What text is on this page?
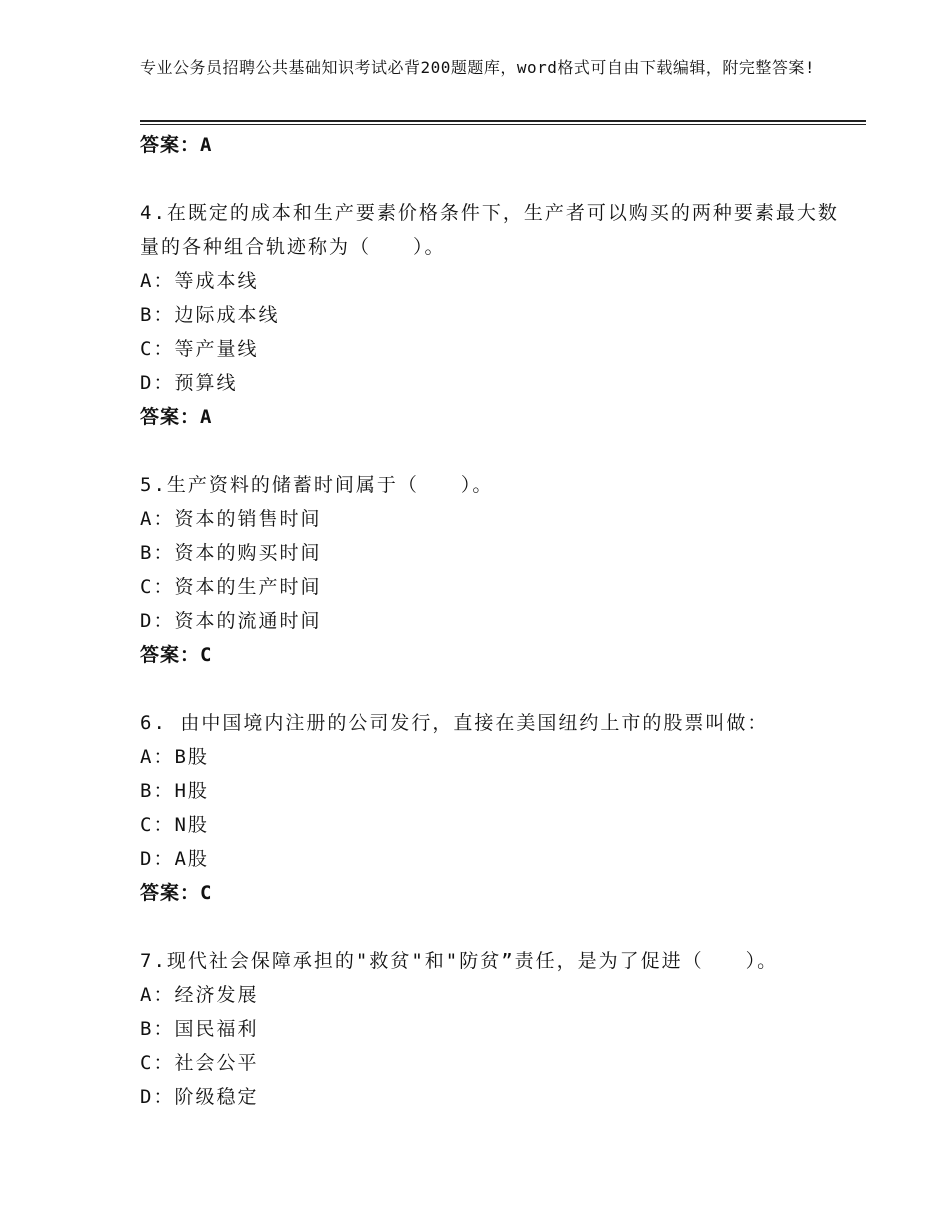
专业公务员招聘公共基础知识考试必背200题题库，word格式可自由下载编辑，附完整答案!
答案：A
4.在既定的成本和生产要素价格条件下，生产者可以购买的两种要素最大数量的各种组合轨迹称为（　　）。
A：等成本线
B：边际成本线
C：等产量线
D：预算线
答案：A
5.生产资料的储蓄时间属于（　　）。
A：资本的销售时间
B：资本的购买时间
C：资本的生产时间
D：资本的流通时间
答案：C
6. 由中国境内注册的公司发行，直接在美国纽约上市的股票叫做：
A：B股
B：H股
C：N股
D：A股
答案：C
7.现代社会保障承担的"救贫"和"防贫”责任，是为了促进（　　）。
A：经济发展
B：国民福利
C：社会公平
D：阶级稳定
